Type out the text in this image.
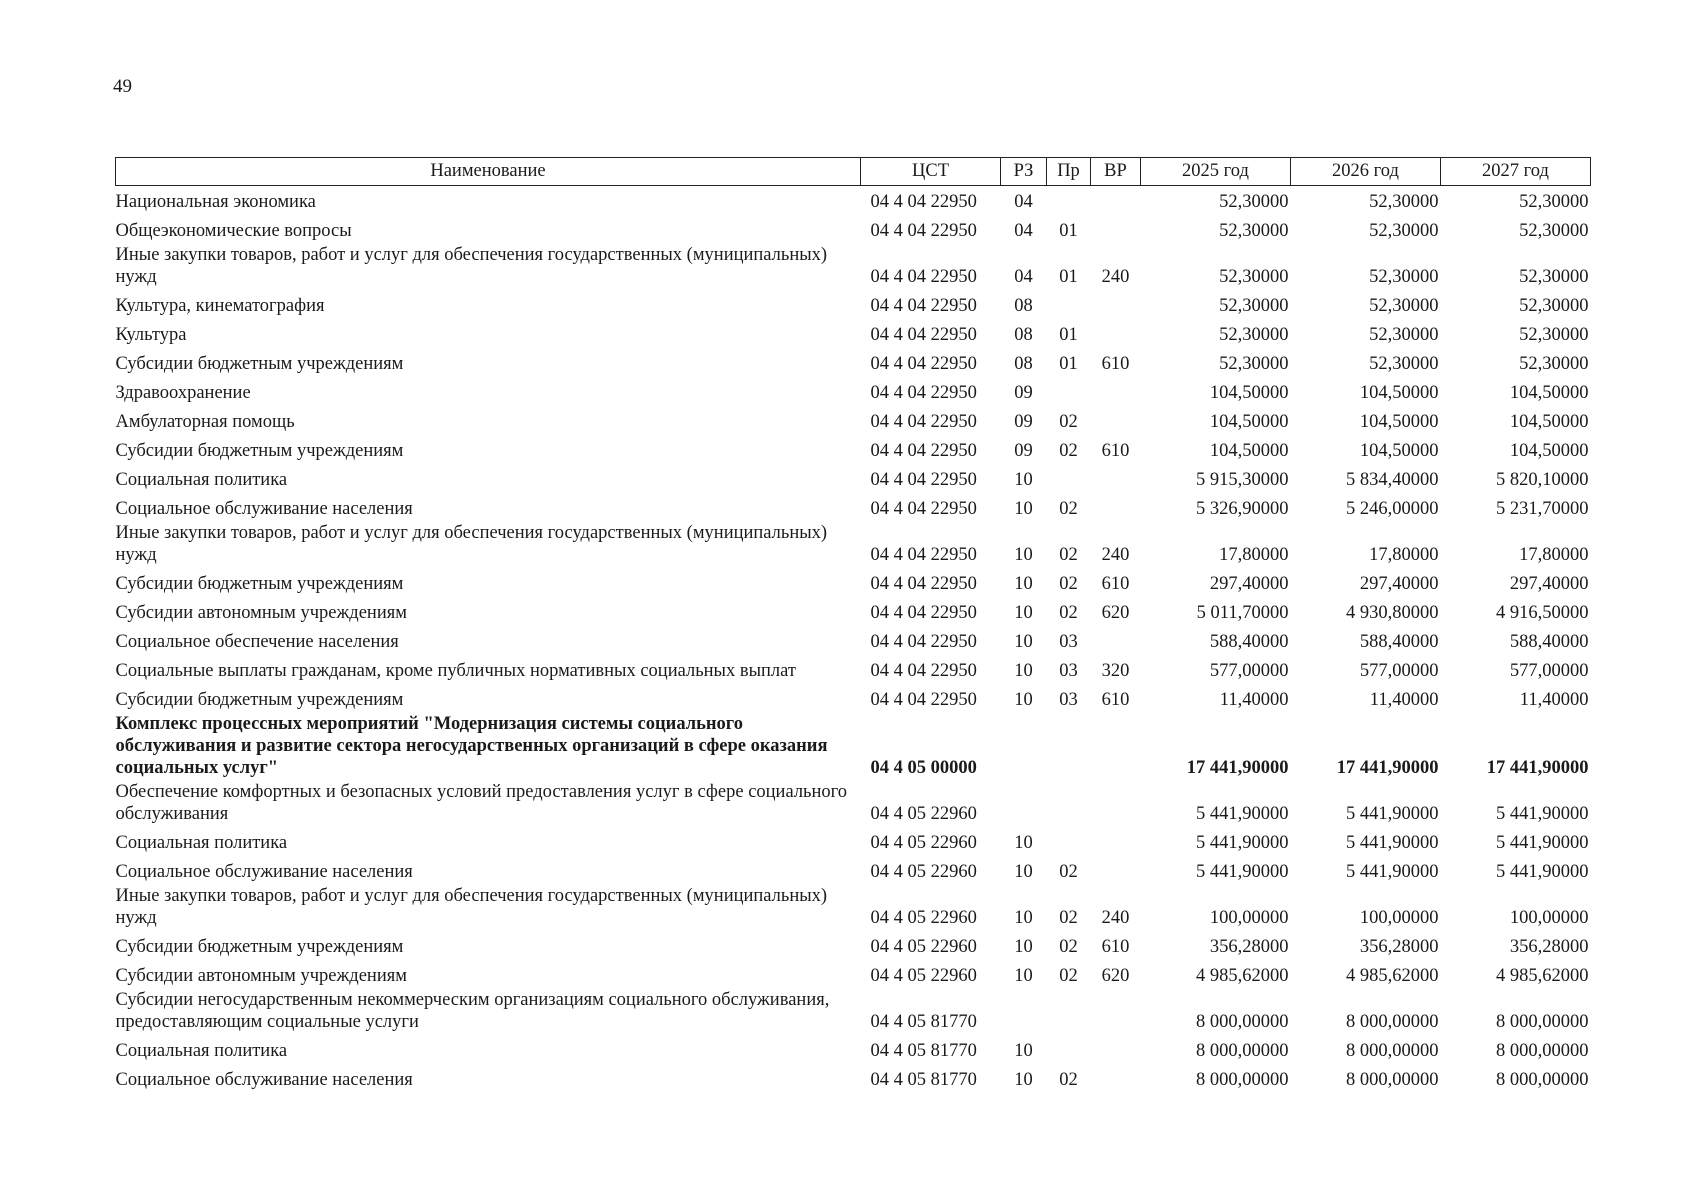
49
Наименование	ЦСТ	РЗ	Пр	ВР	2025 год	2026 год	2027 год
Национальная экономика	04 4 04 22950	04			52,30000	52,30000	52,30000
Общеэкономические вопросы	04 4 04 22950	04	01		52,30000	52,30000	52,30000
Иные закупки товаров, работ и услуг для обеспечения государственных (муниципальных) нужд	04 4 04 22950	04	01	240	52,30000	52,30000	52,30000
Культура, кинематография	04 4 04 22950	08			52,30000	52,30000	52,30000
Культура	04 4 04 22950	08	01		52,30000	52,30000	52,30000
Субсидии бюджетным учреждениям	04 4 04 22950	08	01	610	52,30000	52,30000	52,30000
Здравоохранение	04 4 04 22950	09			104,50000	104,50000	104,50000
Амбулаторная помощь	04 4 04 22950	09	02		104,50000	104,50000	104,50000
Субсидии бюджетным учреждениям	04 4 04 22950	09	02	610	104,50000	104,50000	104,50000
Социальная политика	04 4 04 22950	10			5 915,30000	5 834,40000	5 820,10000
Социальное обслуживание населения	04 4 04 22950	10	02		5 326,90000	5 246,00000	5 231,70000
Иные закупки товаров, работ и услуг для обеспечения государственных (муниципальных) нужд	04 4 04 22950	10	02	240	17,80000	17,80000	17,80000
Субсидии бюджетным учреждениям	04 4 04 22950	10	02	610	297,40000	297,40000	297,40000
Субсидии автономным учреждениям	04 4 04 22950	10	02	620	5 011,70000	4 930,80000	4 916,50000
Социальное обеспечение населения	04 4 04 22950	10	03		588,40000	588,40000	588,40000
Социальные выплаты гражданам, кроме публичных нормативных социальных выплат	04 4 04 22950	10	03	320	577,00000	577,00000	577,00000
Субсидии бюджетным учреждениям	04 4 04 22950	10	03	610	11,40000	11,40000	11,40000
Комплекс процессных мероприятий "Модернизация системы социального обслуживания и развитие сектора негосударственных организаций в сфере оказания социальных услуг"	04 4 05 00000				17 441,90000	17 441,90000	17 441,90000
Обеспечение комфортных и безопасных условий предоставления услуг в сфере социального обслуживания	04 4 05 22960				5 441,90000	5 441,90000	5 441,90000
Социальная политика	04 4 05 22960	10			5 441,90000	5 441,90000	5 441,90000
Социальное обслуживание населения	04 4 05 22960	10	02		5 441,90000	5 441,90000	5 441,90000
Иные закупки товаров, работ и услуг для обеспечения государственных (муниципальных) нужд	04 4 05 22960	10	02	240	100,00000	100,00000	100,00000
Субсидии бюджетным учреждениям	04 4 05 22960	10	02	610	356,28000	356,28000	356,28000
Субсидии автономным учреждениям	04 4 05 22960	10	02	620	4 985,62000	4 985,62000	4 985,62000
Субсидии негосударственным некоммерческим организациям социального обслуживания, предоставляющим социальные услуги	04 4 05 81770				8 000,00000	8 000,00000	8 000,00000
Социальная политика	04 4 05 81770	10			8 000,00000	8 000,00000	8 000,00000
Социальное обслуживание населения	04 4 05 81770	10	02		8 000,00000	8 000,00000	8 000,00000
